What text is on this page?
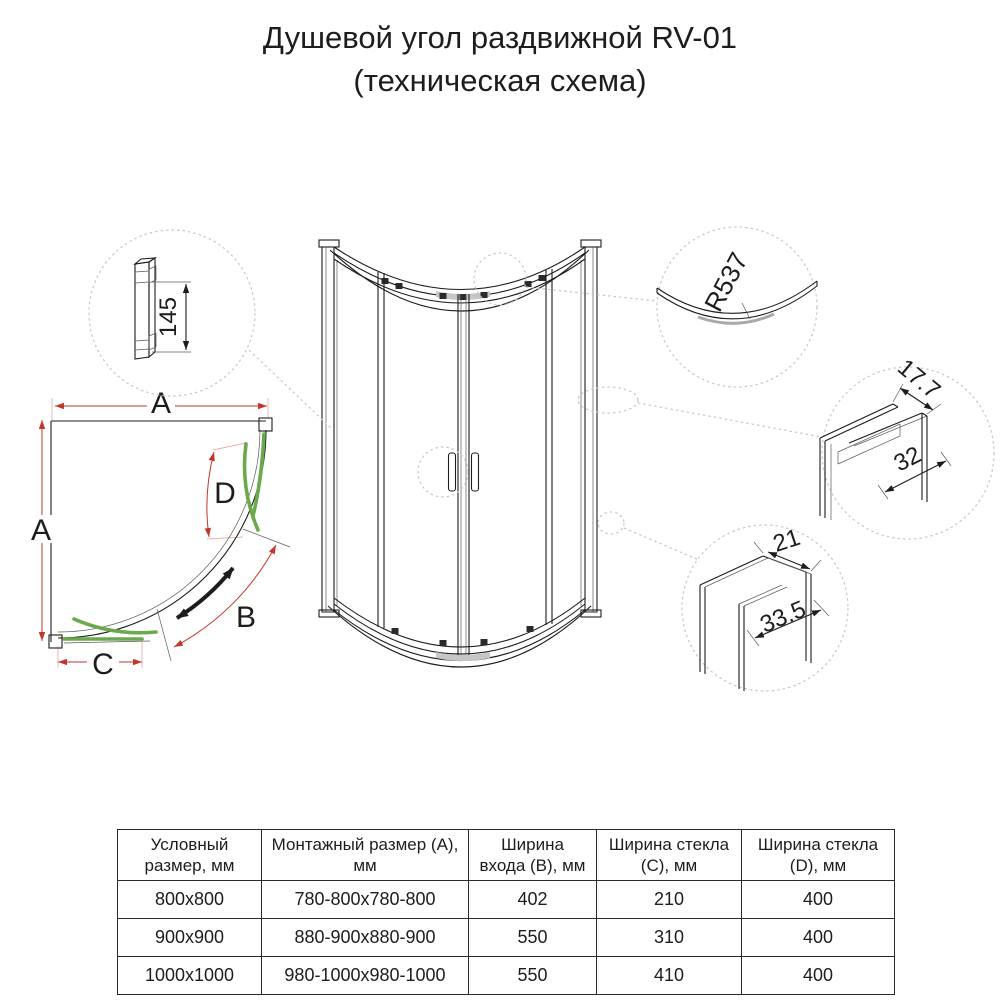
Душевой угол раздвижной RV-01
(техническая схема)
A
A
D
B
C
145
R537
17.7
32
21
33.5
Условный размер, мм	Монтажный размер (А), мм	Ширина входа (В), мм	Ширина стекла (С), мм	Ширина стекла (D), мм
800x800	780-800x780-800	402	210	400
900x900	880-900x880-900	550	310	400
1000x1000	980-1000x980-1000	550	410	400
